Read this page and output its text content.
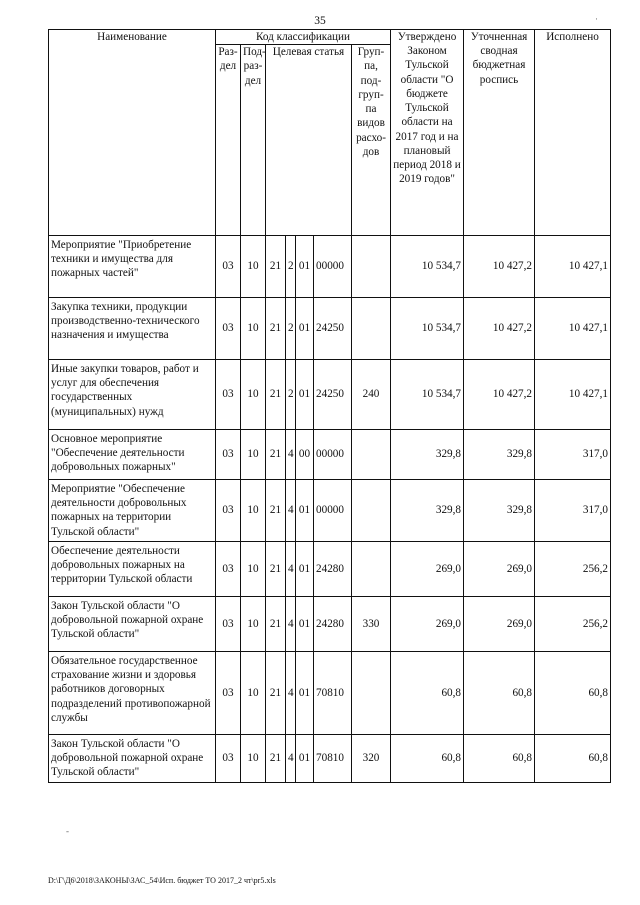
35
Наименование	Код классификации							Утверждено Законом Тульской области "О бюджете Тульской области на 2017 год и на плановый период 2018 и 2019 годов"	Уточненная сводная бюджетная роспись	Исполнено
	Раз-дел	Под-раз-дел	Целевая статья				Груп-па, под-груп-па видов расхо-дов			
Мероприятие "Приобретение техники и имущества для пожарных частей"	03	10	21	2	01	00000		10 534,7	10 427,2	10 427,1
Закупка техники, продукции производственно-технического назначения и имущества	03	10	21	2	01	24250		10 534,7	10 427,2	10 427,1
Иные закупки товаров, работ и услуг для обеспечения государственных (муниципальных) нужд	03	10	21	2	01	24250	240	10 534,7	10 427,2	10 427,1
Основное мероприятие "Обеспечение деятельности добровольных пожарных"	03	10	21	4	00	00000		329,8	329,8	317,0
Мероприятие "Обеспечение деятельности добровольных пожарных на территории Тульской области"	03	10	21	4	01	00000		329,8	329,8	317,0
Обеспечение деятельности добровольных пожарных на территории Тульской области	03	10	21	4	01	24280		269,0	269,0	256,2
Закон Тульской области "О добровольной пожарной охране Тульской области"	03	10	21	4	01	24280	330	269,0	269,0	256,2
Обязательное государственное страхование жизни и здоровья работников договорных подразделений противопожарной службы	03	10	21	4	01	70810		60,8	60,8	60,8
Закон Тульской области "О добровольной пожарной охране Тульской области"	03	10	21	4	01	70810	320	60,8	60,8	60,8
D:\Г\Д6\2018\ЗАКОНЫ\ЗАС_54\Исп. бюджет ТО 2017_2 чт\pr5.xls
·
-
